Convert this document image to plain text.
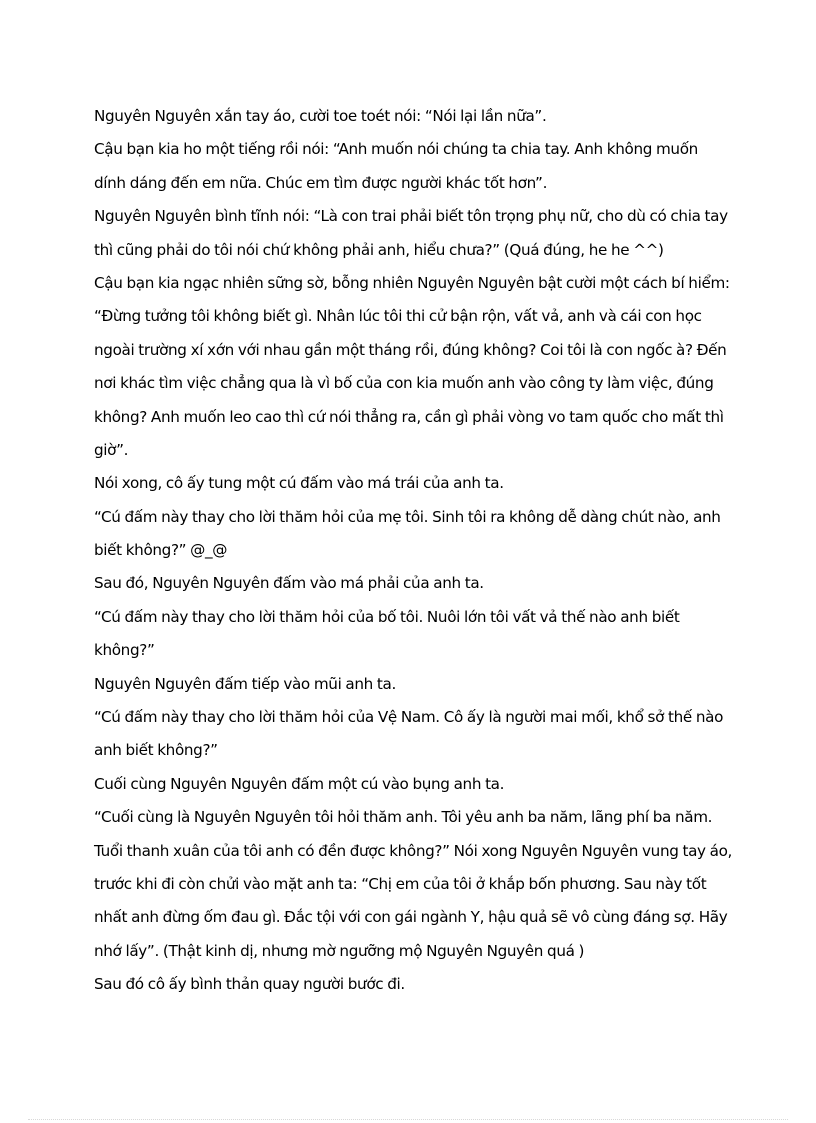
Nguyên Nguyên xắn tay áo, cười toe toét nói: “Nói lại lần nữa”.

Cậu bạn kia ho một tiếng rồi nói: “Anh muốn nói chúng ta chia tay. Anh không muốn

dính dáng đến em nữa. Chúc em tìm được người khác tốt hơn”.

Nguyên Nguyên bình tĩnh nói: “Là con trai phải biết tôn trọng phụ nữ, cho dù có chia tay

thì cũng phải do tôi nói chứ không phải anh, hiểu chưa?” (Quá đúng, he he ^^)

Cậu bạn kia ngạc nhiên sững sờ, bỗng nhiên Nguyên Nguyên bật cười một cách bí hiểm:

“Đừng tưởng tôi không biết gì. Nhân lúc tôi thi cử bận rộn, vất vả, anh và cái con học

ngoài trường xí xớn với nhau gần một tháng rồi, đúng không? Coi tôi là con ngốc à? Đến

nơi khác tìm việc chẳng qua là vì bố của con kia muốn anh vào công ty làm việc, đúng

không? Anh muốn leo cao thì cứ nói thẳng ra, cần gì phải vòng vo tam quốc cho mất thì

giờ”.

Nói xong, cô ấy tung một cú đấm vào má trái của anh ta.

“Cú đấm này thay cho lời thăm hỏi của mẹ tôi. Sinh tôi ra không dễ dàng chút nào, anh

biết không?” @_@

Sau đó, Nguyên Nguyên đấm vào má phải của anh ta.

“Cú đấm này thay cho lời thăm hỏi của bố tôi. Nuôi lớn tôi vất vả thế nào anh biết

không?”

Nguyên Nguyên đấm tiếp vào mũi anh ta.

“Cú đấm này thay cho lời thăm hỏi của Vệ Nam. Cô ấy là người mai mối, khổ sở thế nào

anh biết không?”

Cuối cùng Nguyên Nguyên đấm một cú vào bụng anh ta.

“Cuối cùng là Nguyên Nguyên tôi hỏi thăm anh. Tôi yêu anh ba năm, lãng phí ba năm.

Tuổi thanh xuân của tôi anh có đền được không?” Nói xong Nguyên Nguyên vung tay áo,

trước khi đi còn chửi vào mặt anh ta: “Chị em của tôi ở khắp bốn phương. Sau này tốt

nhất anh đừng ốm đau gì. Đắc tội với con gái ngành Y, hậu quả sẽ vô cùng đáng sợ. Hãy

nhớ lấy”. (Thật kinh dị, nhưng mờ ngưỡng mộ Nguyên Nguyên quá )

Sau đó cô ấy bình thản quay người bước đi.
